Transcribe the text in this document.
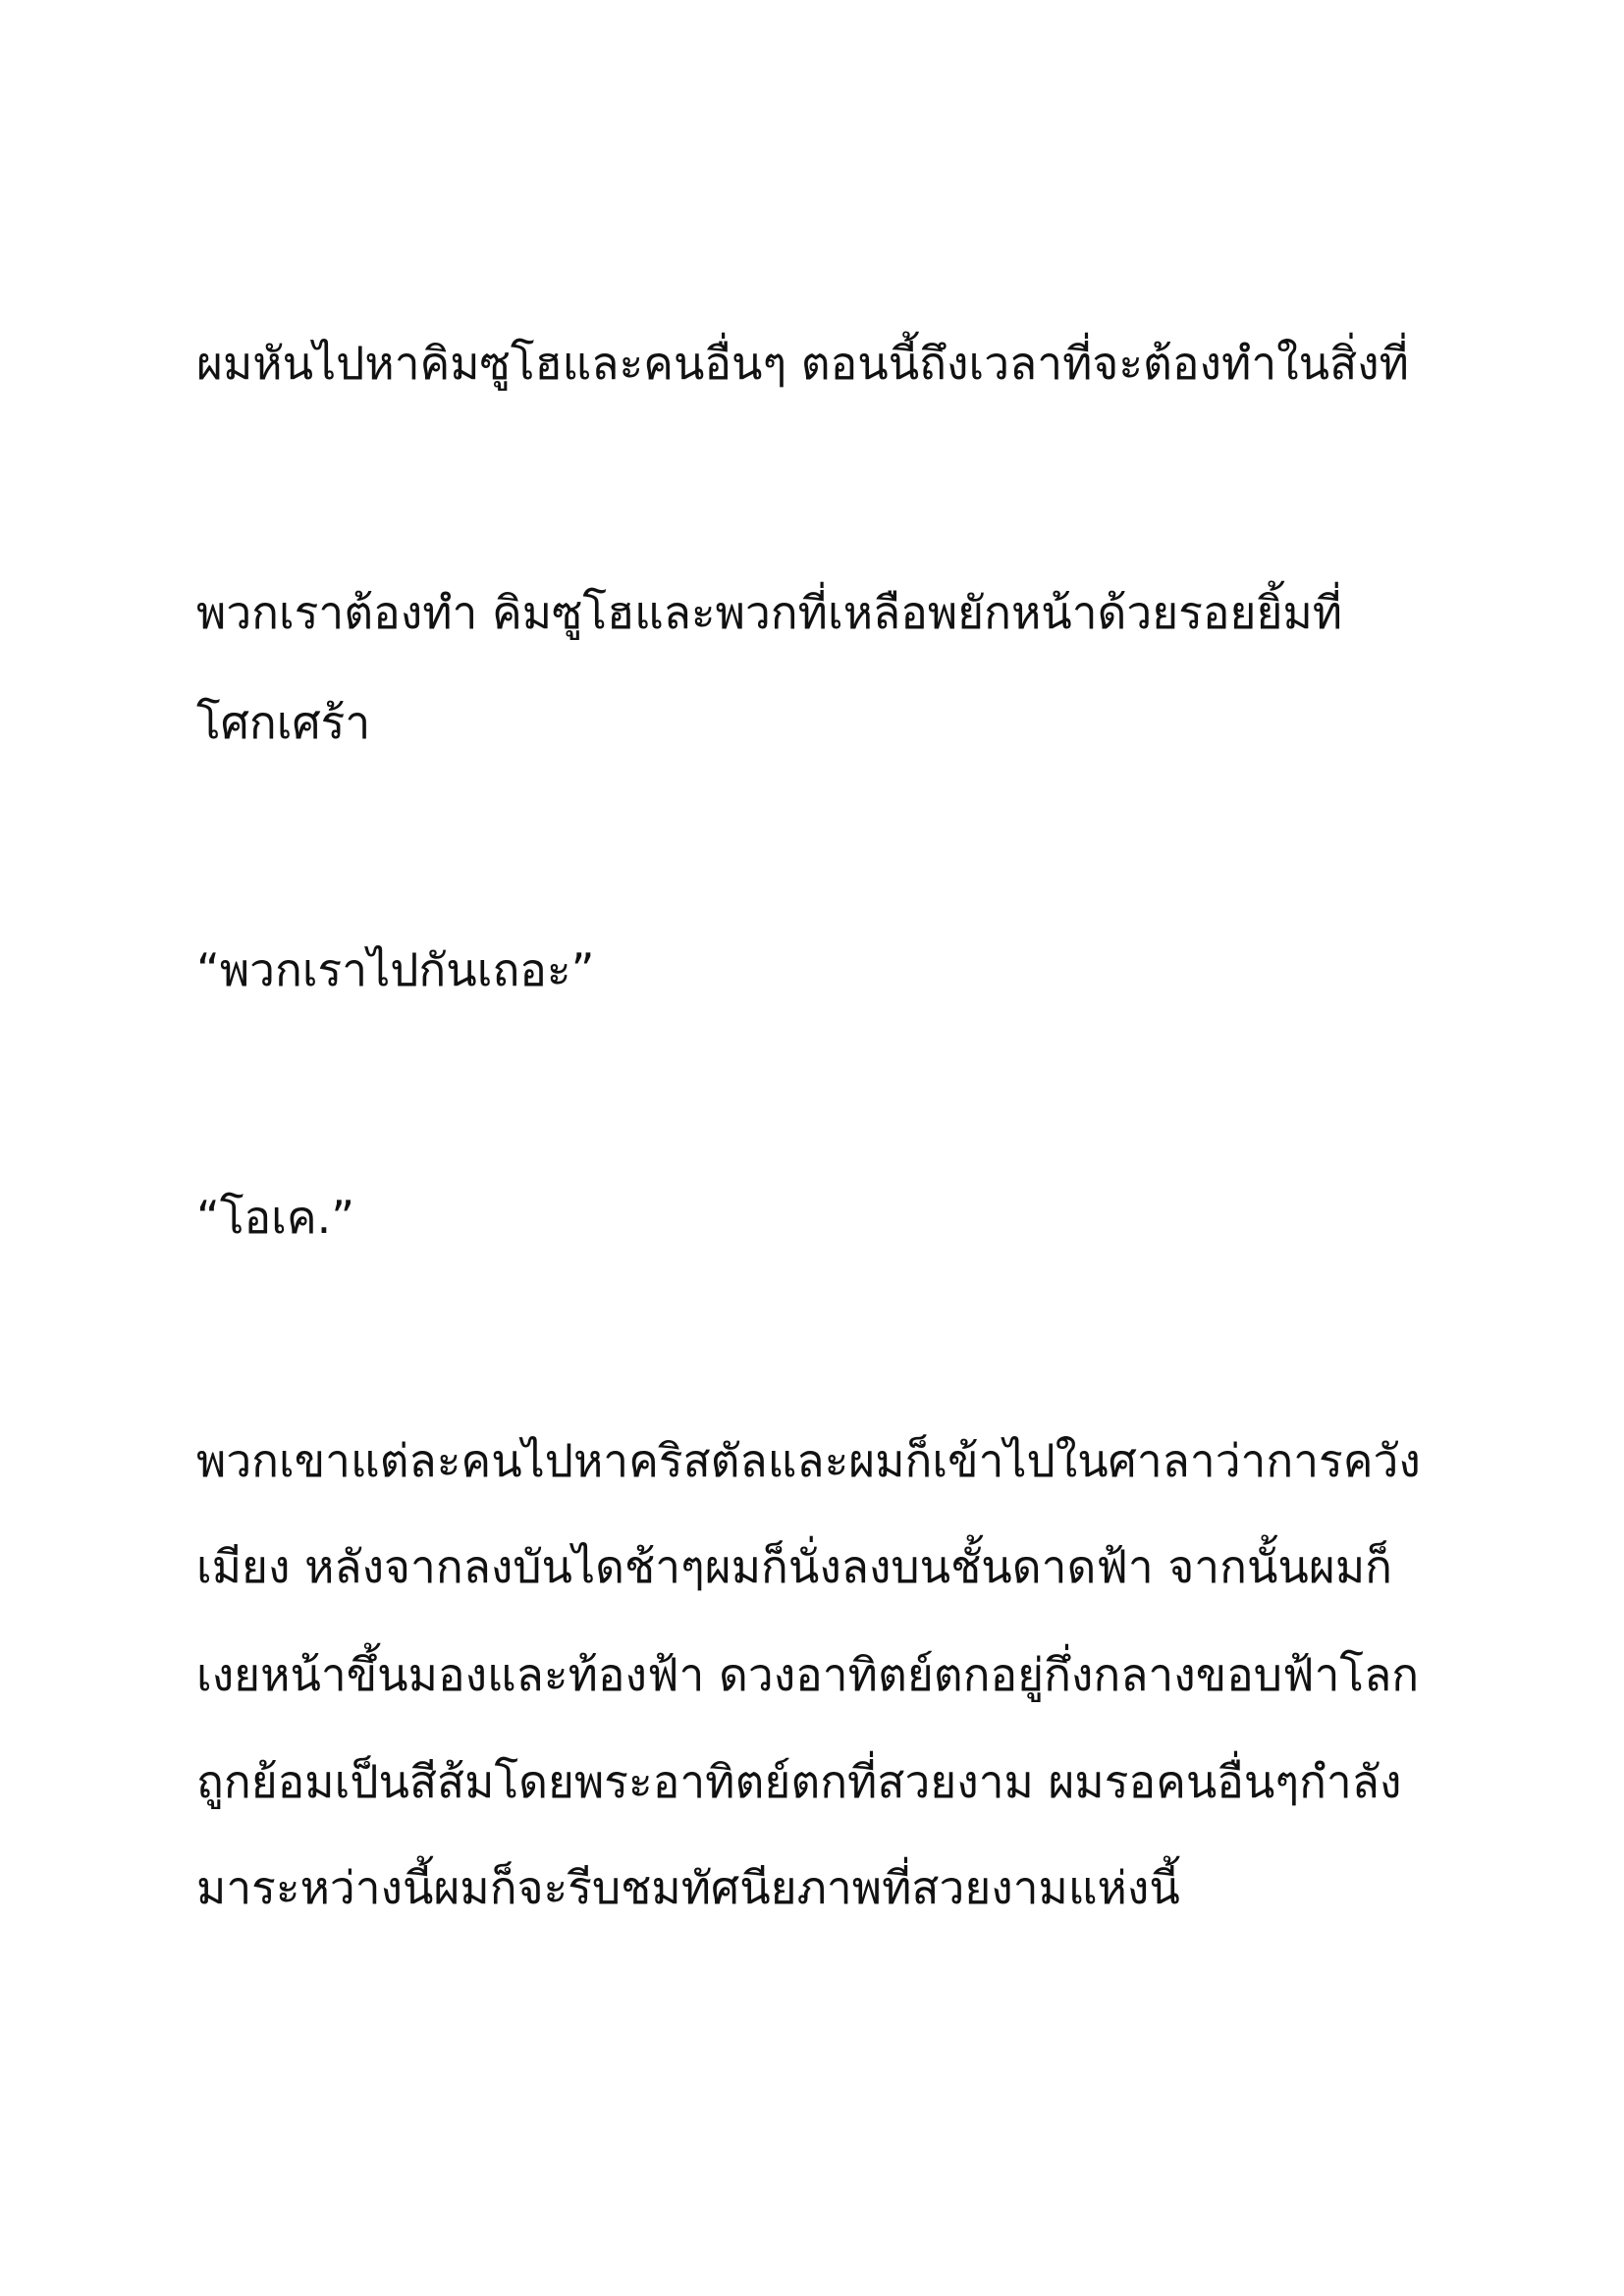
ผมหันไปหาคิมซูโฮและคนอื่นๆ ตอนนี้ถึงเวลาที่จะต้องทำในสิ่งที่
พวกเราต้องทำ คิมซูโฮและพวกที่เหลือพยักหน้าด้วยรอยยิ้มที่
โศกเศร้า
“พวกเราไปกันเถอะ”
“โอเค.”
พวกเขาแต่ละคนไปหาคริสตัลและผมก็เข้าไปในศาลาว่าการควัง
เมียง หลังจากลงบันไดช้าๆผมก็นั่งลงบนชั้นดาดฟ้า จากนั้นผมก็
เงยหน้าขึ้นมองและท้องฟ้า ดวงอาทิตย์ตกอยู่กึ่งกลางขอบฟ้าโลก
ถูกย้อมเป็นสีส้มโดยพระอาทิตย์ตกที่สวยงาม ผมรอคนอื่นๆกำลัง
มาระหว่างนี้ผมก็จะรีบชมทัศนียภาพที่สวยงามแห่งนี้
